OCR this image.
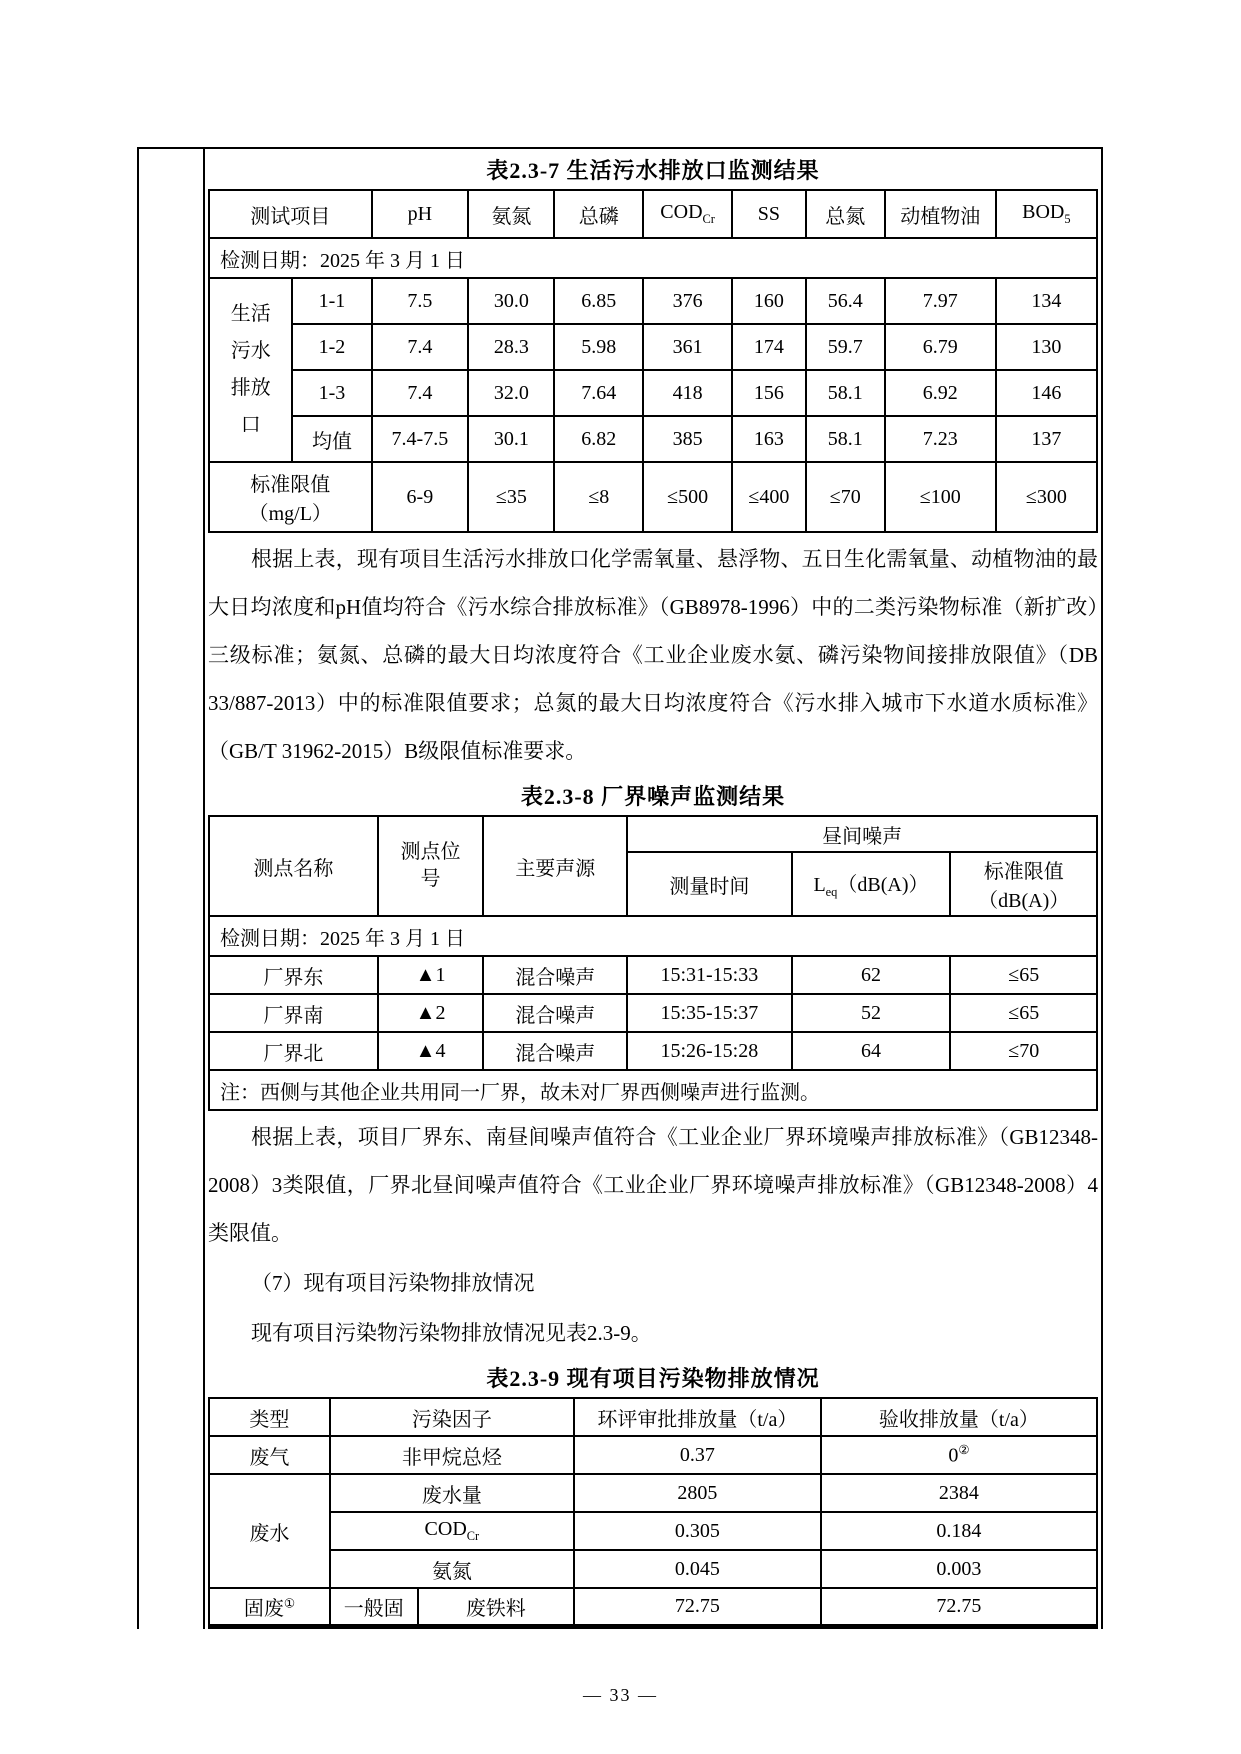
表2.3-7 生活污水排放口监测结果
测试项目		pH	氨氮	总磷	$COD_{Cr}$	SS	总氮	动植物油	$BOD_5$
检测日期：2025 年 3 月 1 日									
生活污水排放口	1-1	7.5	30.0	6.85	376	160	56.4	7.97	134
	1-2	7.4	28.3	5.98	361	174	59.7	6.79	130
	1-3	7.4	32.0	7.64	418	156	58.1	6.92	146
	均值	7.4-7.5	30.1	6.82	385	163	58.1	7.23	137

标准限值
（mg/L）		6-9	≤35	≤8	≤500	≤400	≤70	≤100	≤300

根据上表，现有项目生活污水排放口化学需氧量、悬浮物、五日生化需氧量、动植物油的最大日均浓度和pH值均符合《污水综合排放标准》（GB8978-1996）中的二类污染物标准（新扩改）三级标准；氨氮、总磷的最大日均浓度符合《工业企业废水氨、磷污染物间接排放限值》（DB 33/887-2013）中的标准限值要求；总氮的最大日均浓度符合《污水排入城市下水道水质标准》（GB/T 31962-2015）B级限值标准要求。

表2.3-8 厂界噪声监测结果
测点名称	测点位号	主要声源	昼间噪声		
			测量时间	$L_{eq}(dB(A))$	标准限值
（dB(A)）

检测日期：2025 年 3 月 1 日					
厂界东	▲1	混合噪声	15:31-15:33	62	≤65
厂界南	▲2	混合噪声	15:35-15:37	52	≤65
厂界北	▲4	混合噪声	15:26-15:28	64	≤70
注：西侧与其他企业共用同一厂界，故未对厂界西侧噪声进行监测。					

根据上表，项目厂界东、南昼间噪声值符合《工业企业厂界环境噪声排放标准》（GB12348-2008）3类限值，厂界北昼间噪声值符合《工业企业厂界环境噪声排放标准》（GB12348-2008）4类限值。

（7）现有项目污染物排放情况

现有项目污染物污染物排放情况见表2.3-9。

表2.3-9 现有项目污染物排放情况
类型	污染因子		环评审批排放量（t/a）	验收排放量（t/a）
废气	非甲烷总烃		0.37	0②
废水	废水量		2805	2384
	$COD_{Cr}$		0.305	0.184
	氨氮		0.045	0.003
固废①	一般固	废铁料	72.75	72.75
— 33 —
